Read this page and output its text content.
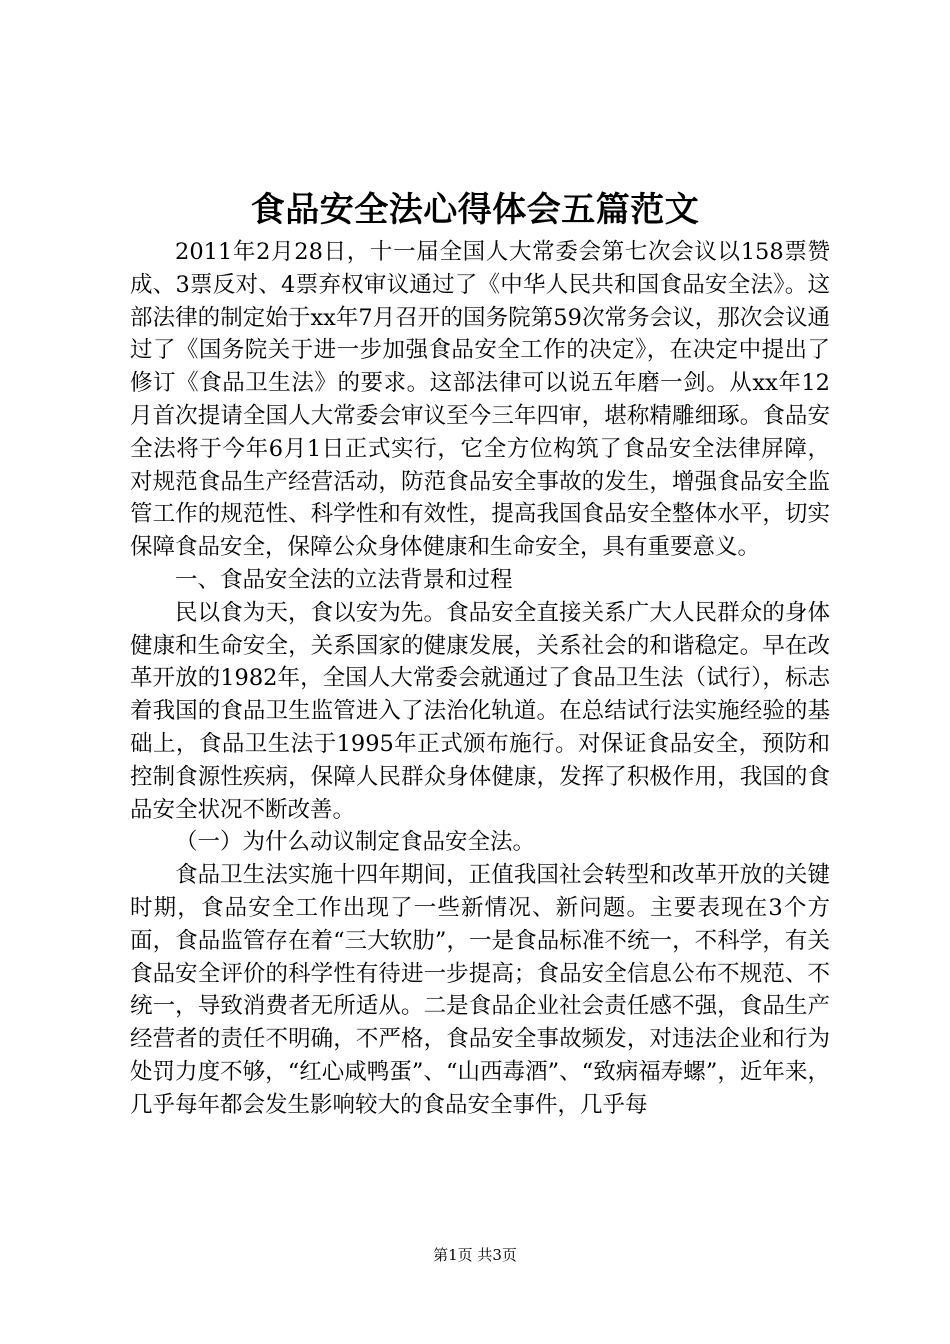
食品安全法心得体会五篇范文

2011年2月28日，十一届全国人大常委会第七次会议以158票赞成、3票反对、4票弃权审议通过了《中华人民共和国食品安全法》。这部法律的制定始于xx年7月召开的国务院第59次常务会议，那次会议通过了《国务院关于进一步加强食品安全工作的决定》，在决定中提出了修订《食品卫生法》的要求。这部法律可以说五年磨一剑。从xx年12月首次提请全国人大常委会审议至今三年四审，堪称精雕细琢。食品安全法将于今年6月1日正式实行，它全方位构筑了食品安全法律屏障，对规范食品生产经营活动，防范食品安全事故的发生，增强食品安全监管工作的规范性、科学性和有效性，提高我国食品安全整体水平，切实保障食品安全，保障公众身体健康和生命安全，具有重要意义。

一、食品安全法的立法背景和过程

民以食为天，食以安为先。食品安全直接关系广大人民群众的身体健康和生命安全，关系国家的健康发展，关系社会的和谐稳定。早在改革开放的1982年，全国人大常委会就通过了食品卫生法（试行），标志着我国的食品卫生监管进入了法治化轨道。在总结试行法实施经验的基础上，食品卫生法于1995年正式颁布施行。对保证食品安全，预防和控制食源性疾病，保障人民群众身体健康，发挥了积极作用，我国的食品安全状况不断改善。

（一）为什么动议制定食品安全法。

食品卫生法实施十四年期间，正值我国社会转型和改革开放的关键时期，食品安全工作出现了一些新情况、新问题。主要表现在3个方面，食品监管存在着“三大软肋”，一是食品标准不统一，不科学，有关食品安全评价的科学性有待进一步提高；食品安全信息公布不规范、不统一，导致消费者无所适从。二是食品企业社会责任感不强，食品生产经营者的责任不明确，不严格，食品安全事故频发，对违法企业和行为处罚力度不够，“红心咸鸭蛋”、“山西毒酒”、“致病福寿螺”，近年来，几乎每年都会发生影响较大的食品安全事件，几乎每

第1页 共3页
